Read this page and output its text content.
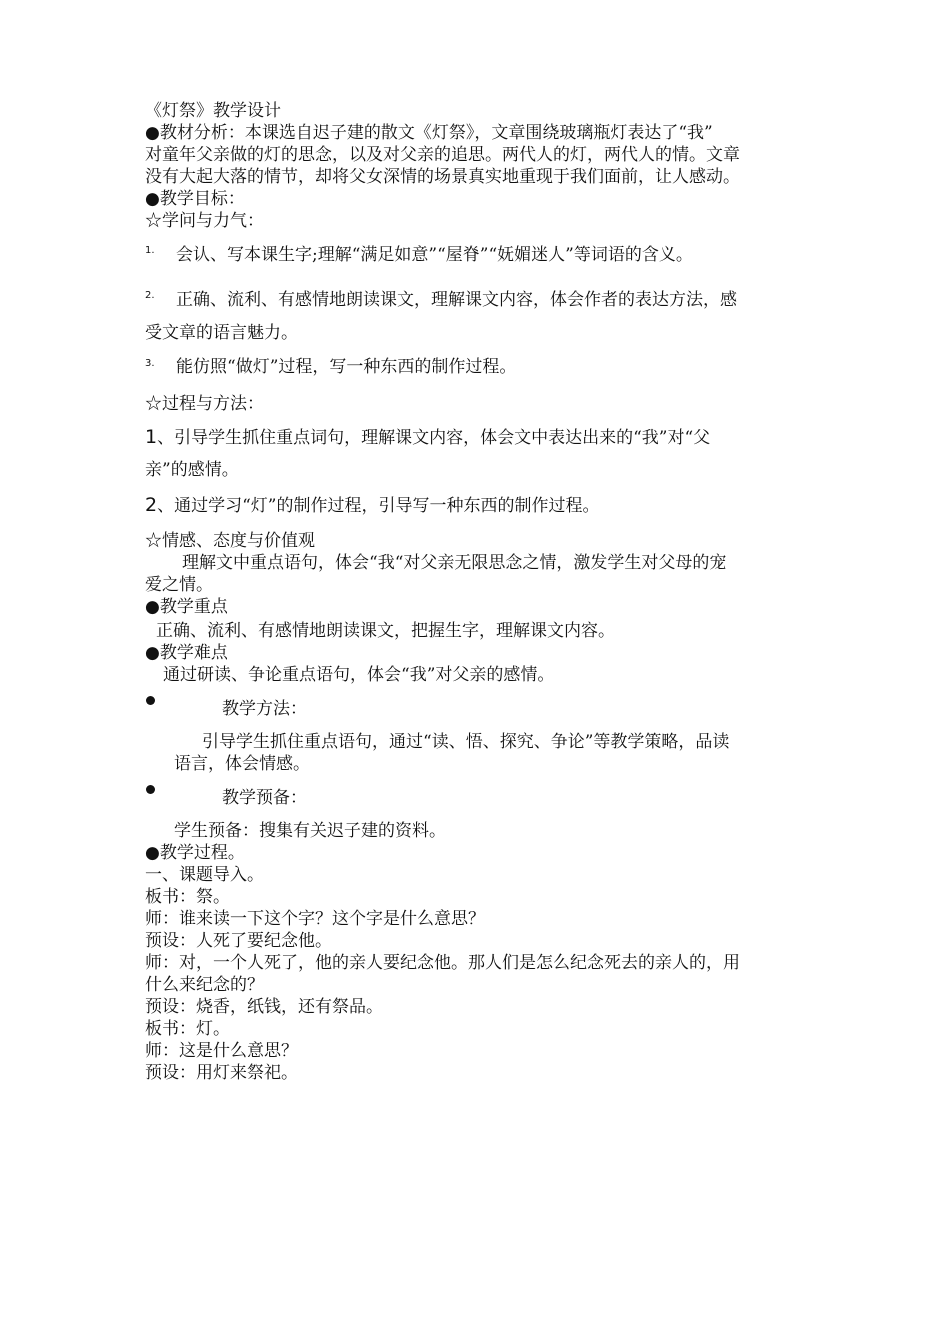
《灯祭》教学设计
●教材分析：本课选自迟子建的散文《灯祭》，文章围绕玻璃瓶灯表达了“我”
对童年父亲做的灯的思念，以及对父亲的追思。两代人的灯，两代人的情。文章
没有大起大落的情节，却将父女深情的场景真实地重现于我们面前，让人感动。
●教学目标：
☆学问与力气：
1. 会认、写本课生字;理解“满足如意”“屋脊”“妩媚迷人”等词语的含义。
2. 正确、流利、有感情地朗读课文，理解课文内容，体会作者的表达方法，感
受文章的语言魅力。
3. 能仿照“做灯”过程，写一种东西的制作过程。
☆过程与方法：
1、引导学生抓住重点词句，理解课文内容，体会文中表达出来的“我”对“父
亲”的感情。
2、通过学习“灯”的制作过程，引导写一种东西的制作过程。
☆情感、态度与价值观
理解文中重点语句，体会“我“对父亲无限思念之情，激发学生对父母的宠
爱之情。
●教学重点
正确、流利、有感情地朗读课文，把握生字，理解课文内容。
●教学难点
通过研读、争论重点语句，体会“我”对父亲的感情。
教学方法：
引导学生抓住重点语句，通过“读、悟、探究、争论”等教学策略，品读
语言，体会情感。
教学预备：
学生预备：搜集有关迟子建的资料。
●教学过程。
一、课题导入。
板书：祭。
师：谁来读一下这个字？这个字是什么意思？
预设：人死了要纪念他。
师：对，一个人死了，他的亲人要纪念他。那人们是怎么纪念死去的亲人的，用
什么来纪念的？
预设：烧香，纸钱，还有祭品。
板书：灯。
师：这是什么意思？
预设：用灯来祭祀。
